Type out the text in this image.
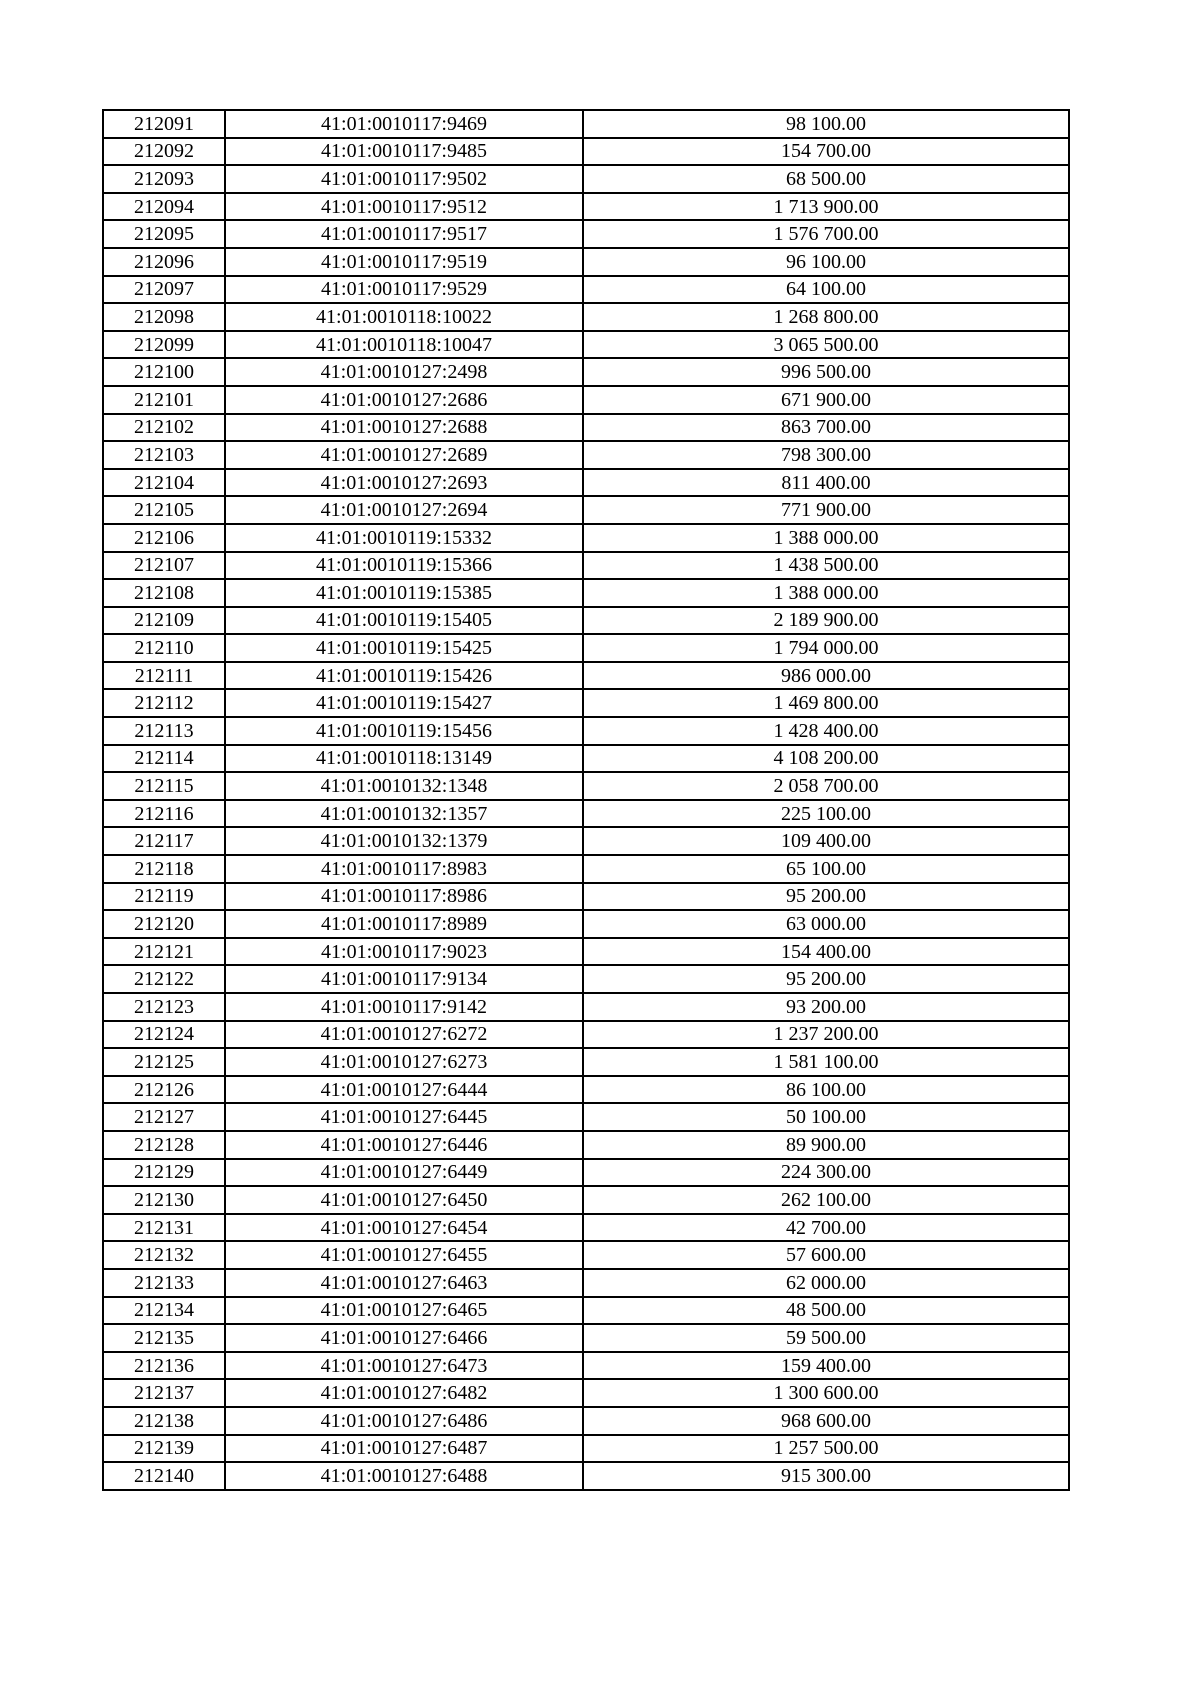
212091	41:01:0010117:9469	98 100.00
212092	41:01:0010117:9485	154 700.00
212093	41:01:0010117:9502	68 500.00
212094	41:01:0010117:9512	1 713 900.00
212095	41:01:0010117:9517	1 576 700.00
212096	41:01:0010117:9519	96 100.00
212097	41:01:0010117:9529	64 100.00
212098	41:01:0010118:10022	1 268 800.00
212099	41:01:0010118:10047	3 065 500.00
212100	41:01:0010127:2498	996 500.00
212101	41:01:0010127:2686	671 900.00
212102	41:01:0010127:2688	863 700.00
212103	41:01:0010127:2689	798 300.00
212104	41:01:0010127:2693	811 400.00
212105	41:01:0010127:2694	771 900.00
212106	41:01:0010119:15332	1 388 000.00
212107	41:01:0010119:15366	1 438 500.00
212108	41:01:0010119:15385	1 388 000.00
212109	41:01:0010119:15405	2 189 900.00
212110	41:01:0010119:15425	1 794 000.00
212111	41:01:0010119:15426	986 000.00
212112	41:01:0010119:15427	1 469 800.00
212113	41:01:0010119:15456	1 428 400.00
212114	41:01:0010118:13149	4 108 200.00
212115	41:01:0010132:1348	2 058 700.00
212116	41:01:0010132:1357	225 100.00
212117	41:01:0010132:1379	109 400.00
212118	41:01:0010117:8983	65 100.00
212119	41:01:0010117:8986	95 200.00
212120	41:01:0010117:8989	63 000.00
212121	41:01:0010117:9023	154 400.00
212122	41:01:0010117:9134	95 200.00
212123	41:01:0010117:9142	93 200.00
212124	41:01:0010127:6272	1 237 200.00
212125	41:01:0010127:6273	1 581 100.00
212126	41:01:0010127:6444	86 100.00
212127	41:01:0010127:6445	50 100.00
212128	41:01:0010127:6446	89 900.00
212129	41:01:0010127:6449	224 300.00
212130	41:01:0010127:6450	262 100.00
212131	41:01:0010127:6454	42 700.00
212132	41:01:0010127:6455	57 600.00
212133	41:01:0010127:6463	62 000.00
212134	41:01:0010127:6465	48 500.00
212135	41:01:0010127:6466	59 500.00
212136	41:01:0010127:6473	159 400.00
212137	41:01:0010127:6482	1 300 600.00
212138	41:01:0010127:6486	968 600.00
212139	41:01:0010127:6487	1 257 500.00
212140	41:01:0010127:6488	915 300.00
